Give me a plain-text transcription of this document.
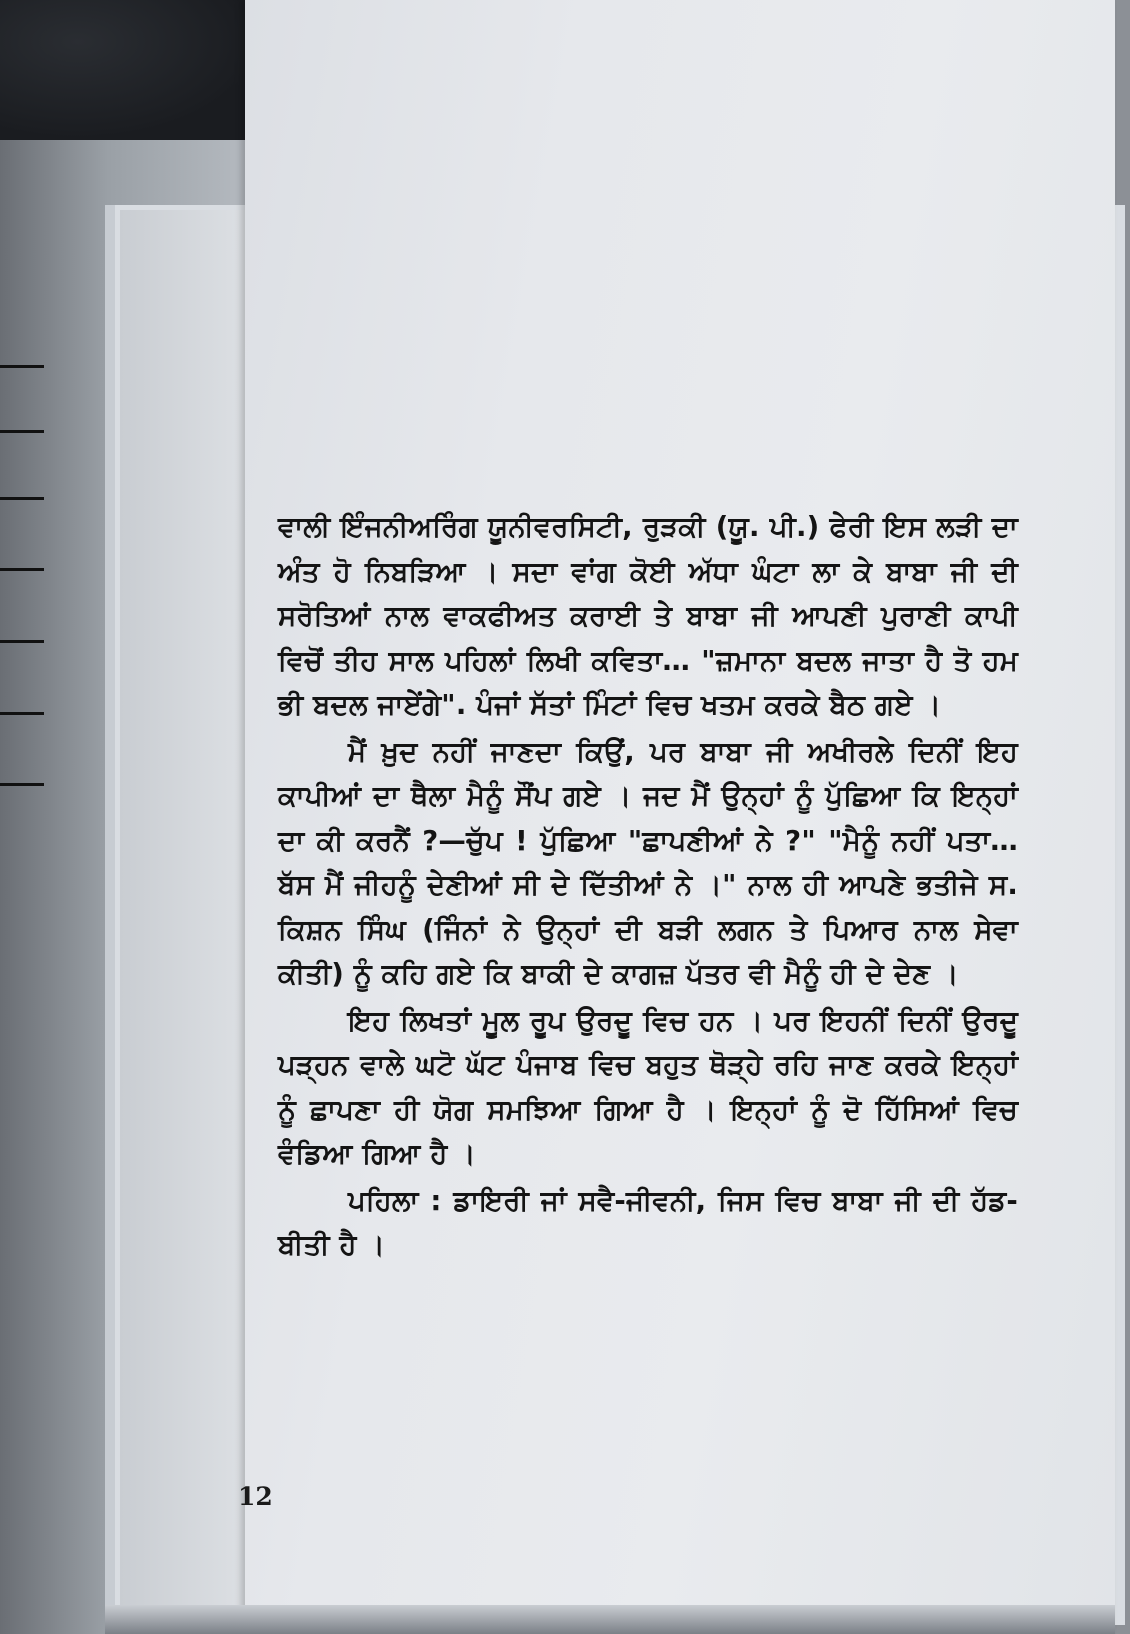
ਵਾਲੀ ਇੰਜਨੀਅਰਿੰਗ ਯੂਨੀਵਰਸਿਟੀ, ਰੁੜਕੀ (ਯੂ. ਪੀ.) ਫੇਰੀ ਇਸ ਲੜੀ ਦਾ ਅੰਤ ਹੋ ਨਿਬੜਿਆ । ਸਦਾ ਵਾਂਗ ਕੋਈ ਅੱਧਾ ਘੰਟਾ ਲਾ ਕੇ ਬਾਬਾ ਜੀ ਦੀ ਸਰੋਤਿਆਂ ਨਾਲ ਵਾਕਫੀਅਤ ਕਰਾਈ ਤੇ ਬਾਬਾ ਜੀ ਆਪਣੀ ਪੁਰਾਣੀ ਕਾਪੀ ਵਿਚੋਂ ਤੀਹ ਸਾਲ ਪਹਿਲਾਂ ਲਿਖੀ ਕਵਿਤਾ… "ਜ਼ਮਾਨਾ ਬਦਲ ਜਾਤਾ ਹੈ ਤੋ ਹਮ ਭੀ ਬਦਲ ਜਾਏਂਗੇ". ਪੰਜਾਂ ਸੱਤਾਂ ਮਿੰਟਾਂ ਵਿਚ ਖਤਮ ਕਰਕੇ ਬੈਠ ਗਏ ।

ਮੈਂ ਖ਼ੁਦ ਨਹੀਂ ਜਾਣਦਾ ਕਿਉਂ, ਪਰ ਬਾਬਾ ਜੀ ਅਖੀਰਲੇ ਦਿਨੀਂ ਇਹ ਕਾਪੀਆਂ ਦਾ ਥੈਲਾ ਮੈਨੂੰ ਸੌਂਪ ਗਏ । ਜਦ ਮੈਂ ਉਨ੍ਹਾਂ ਨੂੰ ਪੁੱਛਿਆ ਕਿ ਇਨ੍ਹਾਂ ਦਾ ਕੀ ਕਰਨੈਂ ?—ਚੁੱਪ ! ਪੁੱਛਿਆ "ਛਾਪਣੀਆਂ ਨੇ ?" "ਮੈਨੂੰ ਨਹੀਂ ਪਤਾ…ਬੱਸ ਮੈਂ ਜੀਹਨੂੰ ਦੇਣੀਆਂ ਸੀ ਦੇ ਦਿੱਤੀਆਂ ਨੇ ।" ਨਾਲ ਹੀ ਆਪਣੇ ਭਤੀਜੇ ਸ. ਕਿਸ਼ਨ ਸਿੰਘ (ਜਿੰਨਾਂ ਨੇ ਉਨ੍ਹਾਂ ਦੀ ਬੜੀ ਲਗਨ ਤੇ ਪਿਆਰ ਨਾਲ ਸੇਵਾ ਕੀਤੀ) ਨੂੰ ਕਹਿ ਗਏ ਕਿ ਬਾਕੀ ਦੇ ਕਾਗਜ਼ ਪੱਤਰ ਵੀ ਮੈਨੂੰ ਹੀ ਦੇ ਦੇਣ ।

ਇਹ ਲਿਖਤਾਂ ਮੂਲ ਰੂਪ ਉਰਦੂ ਵਿਚ ਹਨ । ਪਰ ਇਹਨੀਂ ਦਿਨੀਂ ਉਰਦੂ ਪੜ੍ਹਨ ਵਾਲੇ ਘਟੋ ਘੱਟ ਪੰਜਾਬ ਵਿਚ ਬਹੁਤ ਥੋੜ੍ਹੇ ਰਹਿ ਜਾਣ ਕਰਕੇ ਇਨ੍ਹਾਂ ਨੂੰ ਛਾਪਣਾ ਹੀ ਯੋਗ ਸਮਝਿਆ ਗਿਆ ਹੈ । ਇਨ੍ਹਾਂ ਨੂੰ ਦੋ ਹਿੱਸਿਆਂ ਵਿਚ ਵੰਡਿਆ ਗਿਆ ਹੈ ।

ਪਹਿਲਾ : ਡਾਇਰੀ ਜਾਂ ਸਵੈ-ਜੀਵਨੀ, ਜਿਸ ਵਿਚ ਬਾਬਾ ਜੀ ਦੀ ਹੱਡ-ਬੀਤੀ ਹੈ ।

12
